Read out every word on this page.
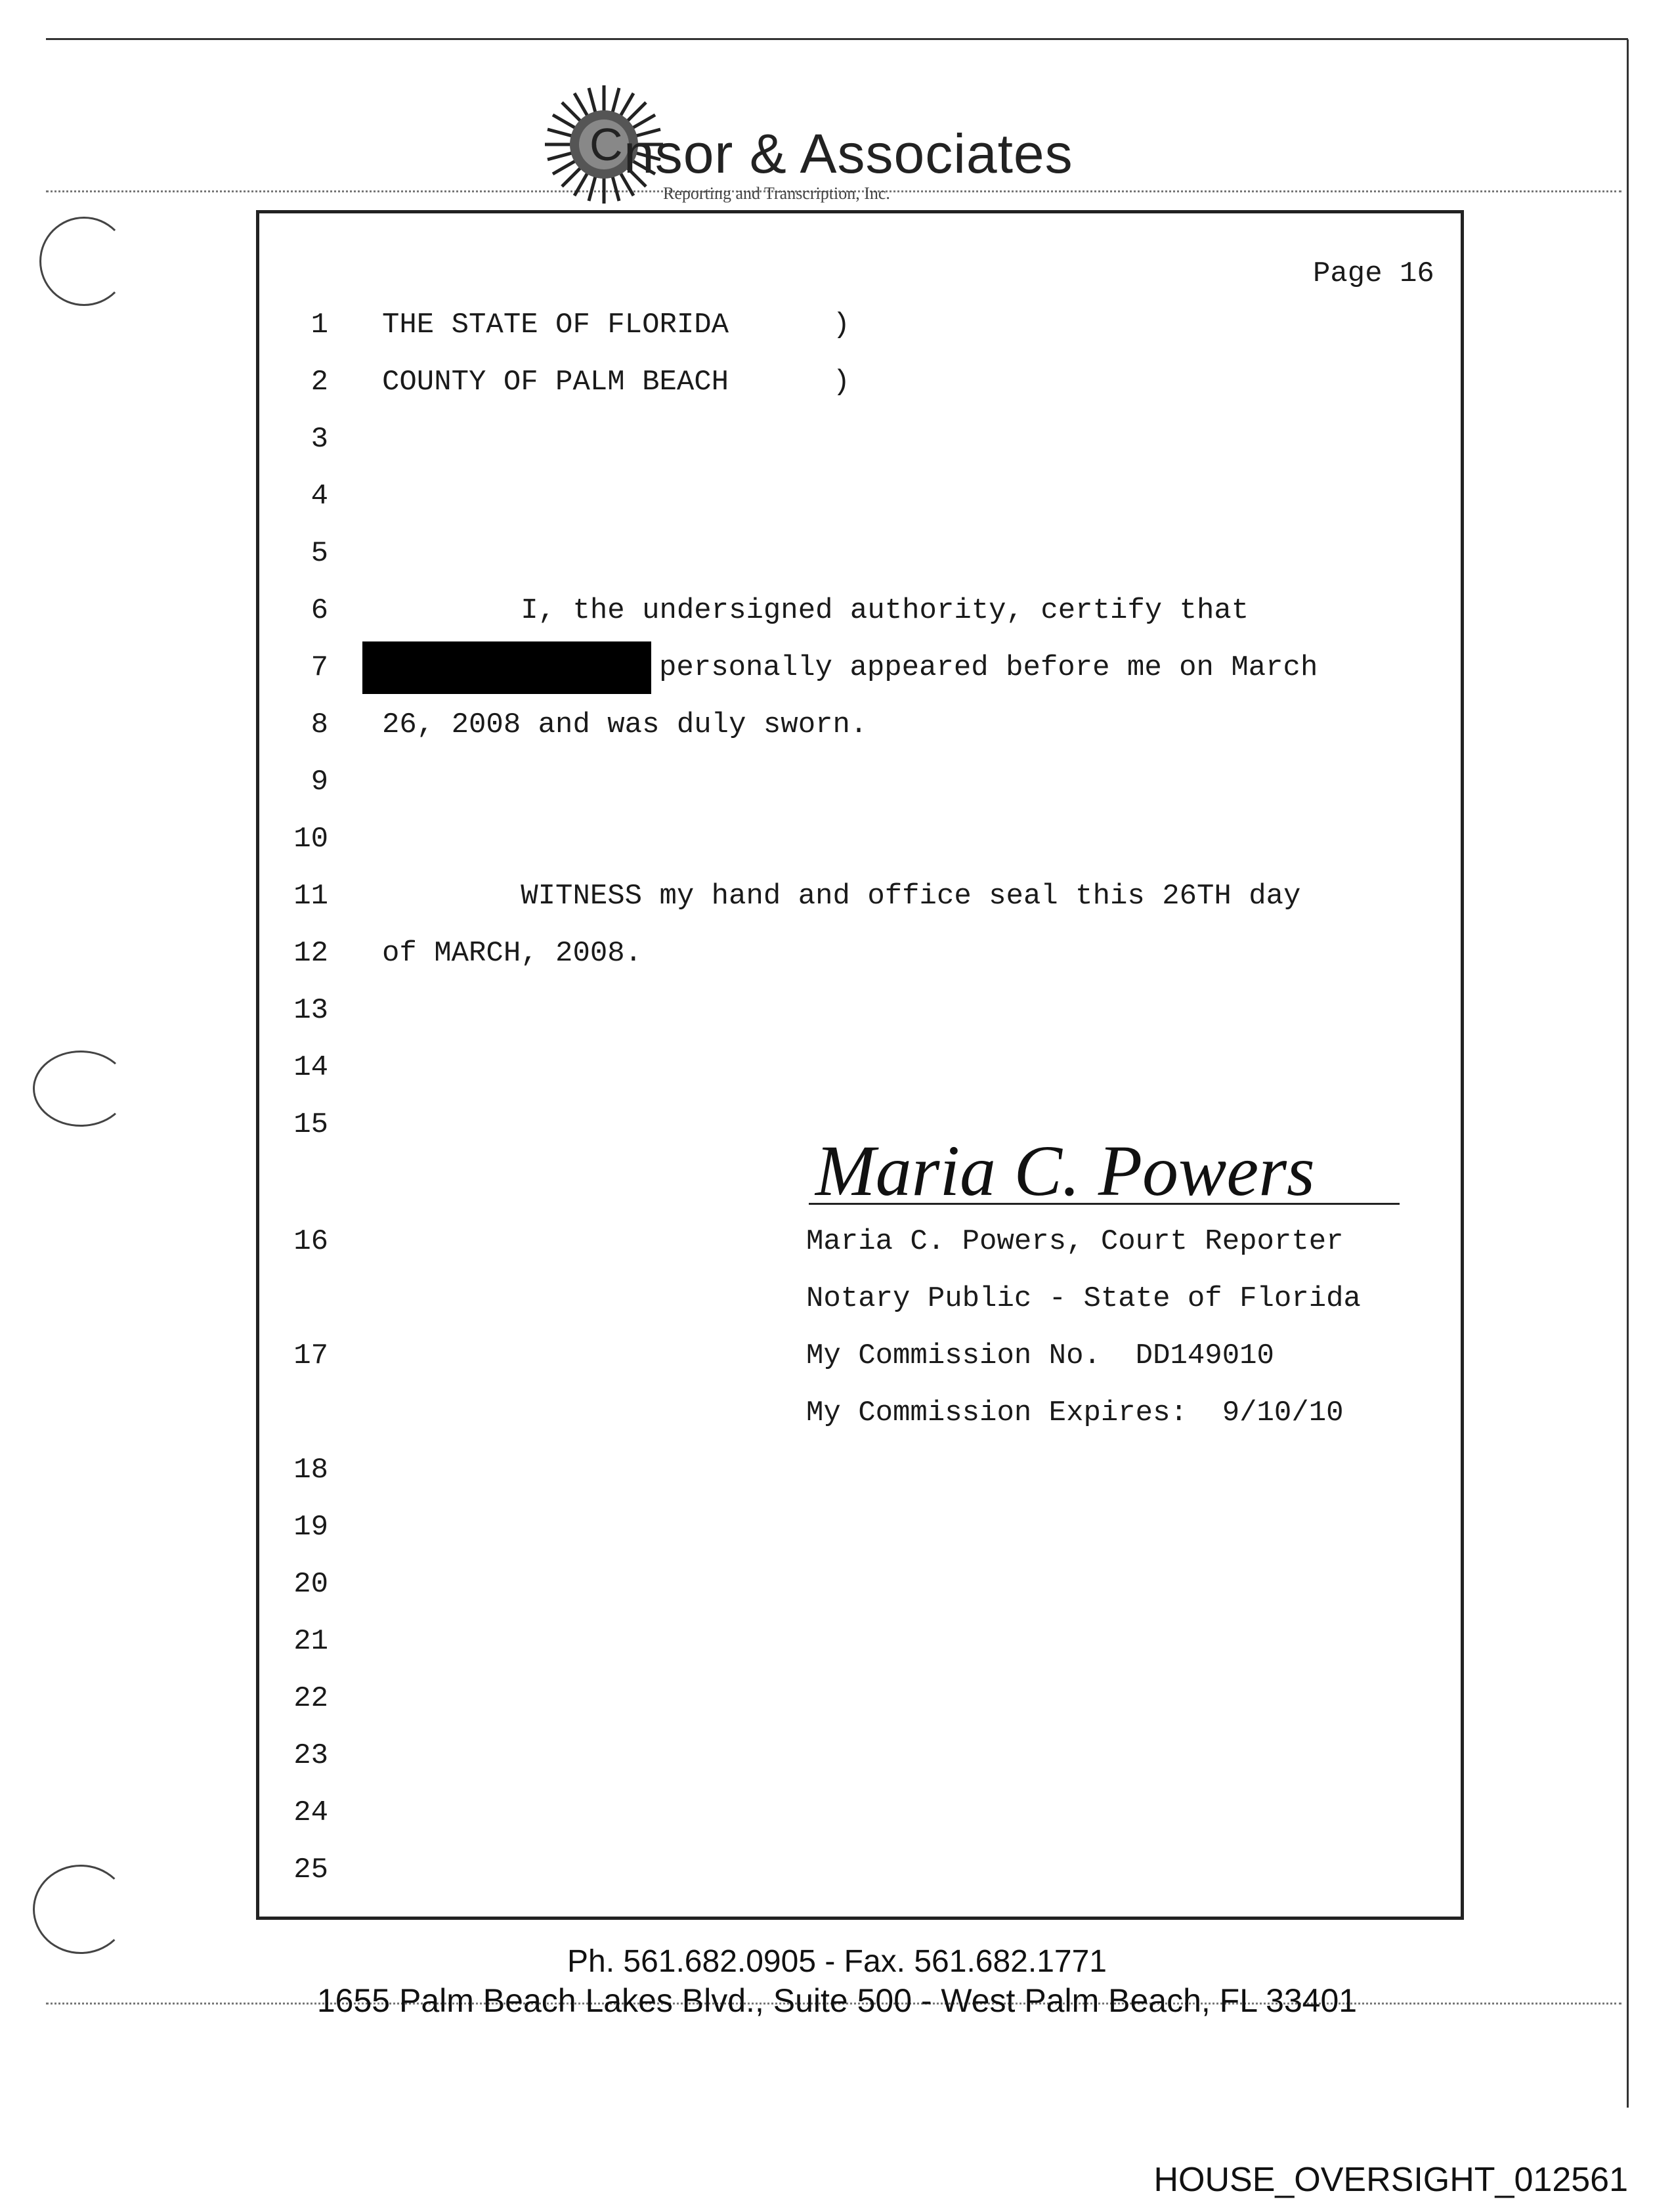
C nsor & Associates
Reporting and Transcription, Inc.
Page 16
1
2
3
4
5
6
7
8
9
10
11
12
13
14
15
16
17
18
19
20
21
22
23
24
25
THE STATE OF FLORIDA      )
COUNTY OF PALM BEACH      )
I, the undersigned authority, certify that
personally appeared before me on March
26, 2008 and was duly sworn.
WITNESS my hand and office seal this 26TH day
of MARCH, 2008.
Maria C. Powers
Maria C. Powers, Court Reporter
Notary Public - State of Florida
My Commission No.  DD149010
My Commission Expires:  9/10/10
Ph. 561.682.0905 - Fax. 561.682.1771
1655 Palm Beach Lakes Blvd., Suite 500 - West Palm Beach, FL 33401
HOUSE_OVERSIGHT_012561
